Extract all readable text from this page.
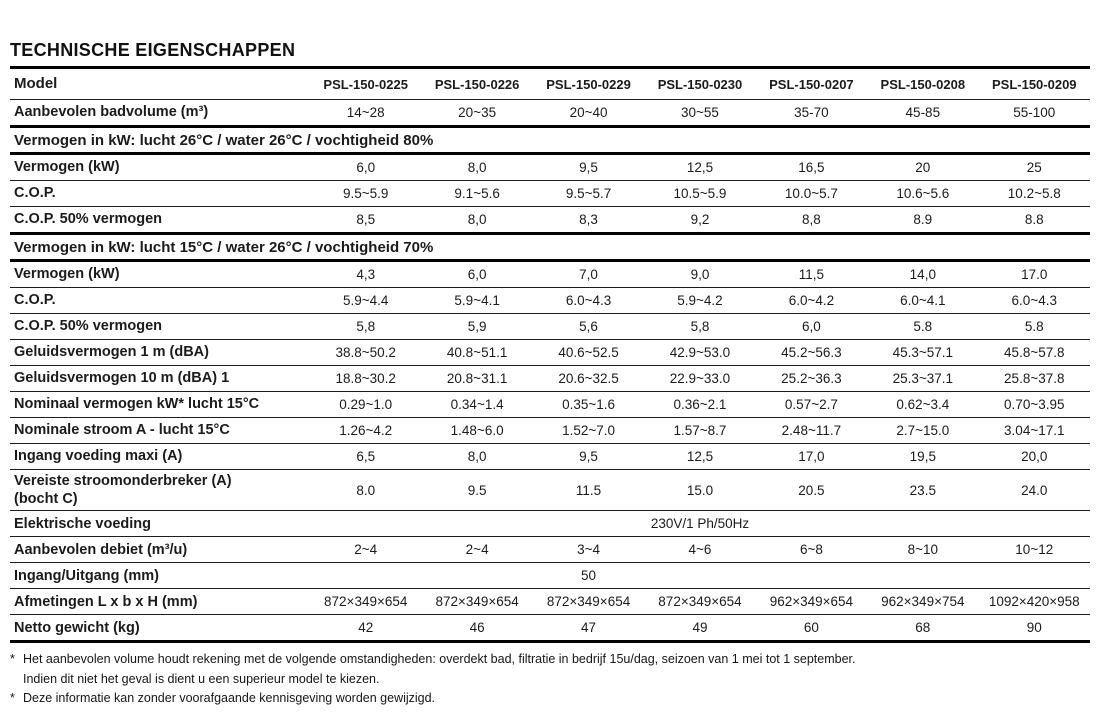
TECHNISCHE EIGENSCHAPPEN
Model	PSL-150-0225	PSL-150-0226	PSL-150-0229	PSL-150-0230	PSL-150-0207	PSL-150-0208	PSL-150-0209
Aanbevolen badvolume (m³)	14~28	20~35	20~40	30~55	35-70	45-85	55-100
Vermogen in kW: lucht 26°C / water 26°C / vochtigheid 80%							
Vermogen (kW)	6,0	8,0	9,5	12,5	16,5	20	25
C.O.P.	9.5~5.9	9.1~5.6	9.5~5.7	10.5~5.9	10.0~5.7	10.6~5.6	10.2~5.8
C.O.P. 50% vermogen	8,5	8,0	8,3	9,2	8,8	8.9	8.8
Vermogen in kW: lucht 15°C / water 26°C / vochtigheid 70%							
Vermogen (kW)	4,3	6,0	7,0	9,0	11,5	14,0	17.0
C.O.P.	5.9~4.4	5.9~4.1	6.0~4.3	5.9~4.2	6.0~4.2	6.0~4.1	6.0~4.3
C.O.P. 50% vermogen	5,8	5,9	5,6	5,8	6,0	5.8	5.8
Geluidsvermogen 1 m (dBA)	38.8~50.2	40.8~51.1	40.6~52.5	42.9~53.0	45.2~56.3	45.3~57.1	45.8~57.8
Geluidsvermogen 10 m (dBA) 1	18.8~30.2	20.8~31.1	20.6~32.5	22.9~33.0	25.2~36.3	25.3~37.1	25.8~37.8
Nominaal vermogen kW* lucht 15°C	0.29~1.0	0.34~1.4	0.35~1.6	0.36~2.1	0.57~2.7	0.62~3.4	0.70~3.95
Nominale stroom A - lucht 15°C	1.26~4.2	1.48~6.0	1.52~7.0	1.57~8.7	2.48~11.7	2.7~15.0	3.04~17.1
Ingang voeding maxi (A)	6,5	8,0	9,5	12,5	17,0	19,5	20,0
Vereiste stroomonderbreker (A)
(bocht C)	8.0	9.5	11.5	15.0	20.5	23.5	24.0
Elektrische voeding				230V/1 Ph/50Hz			
Aanbevolen debiet (m³/u)	2~4	2~4	3~4	4~6	6~8	8~10	10~12
Ingang/Uitgang (mm)			50				
Afmetingen L x b x H (mm)	872×349×654	872×349×654	872×349×654	872×349×654	962×349×654	962×349×754	1092×420×958
Netto gewicht (kg)	42	46	47	49	60	68	90
* Het aanbevolen volume houdt rekening met de volgende omstandigheden: overdekt bad, filtratie in bedrijf 15u/dag, seizoen van 1 mei tot 1 september.
Indien dit niet het geval is dient u een superieur model te kiezen.
* Deze informatie kan zonder voorafgaande kennisgeving worden gewijzigd.
